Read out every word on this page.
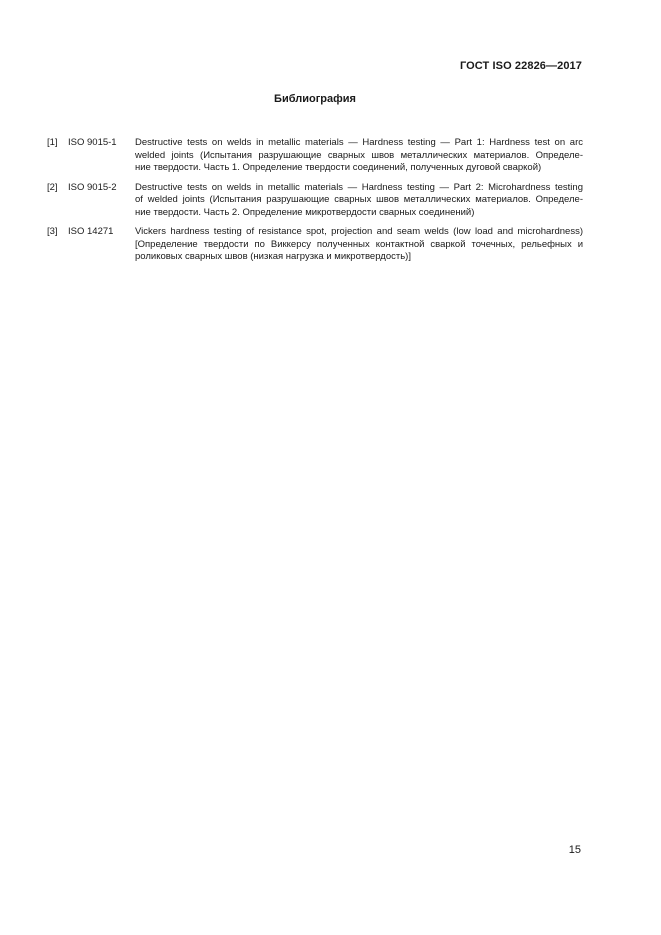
ГОСТ ISO 22826—2017
Библиография
[1]	ISO 9015-1	Destructive tests on welds in metallic materials — Hardness testing — Part 1: Hardness test on arc
welded joints (Испытания разрушающие сварных швов металлических материалов. Определе-
ние твердости. Часть 1. Определение твердости соединений, полученных дуговой сваркой)
[2]	ISO 9015-2	Destructive tests on welds in metallic materials — Hardness testing — Part 2: Microhardness testing
of welded joints (Испытания разрушающие сварных швов металлических материалов. Определе-
ние твердости. Часть 2. Определение микротвердости сварных соединений)
[3]	ISO 14271	Vickers hardness testing of resistance spot, projection and seam welds (low load and microhardness)
[Определение твердости по Виккерсу полученных контактной сваркой точечных, рельефных и
роликовых сварных швов (низкая нагрузка и микротвердость)]
15
